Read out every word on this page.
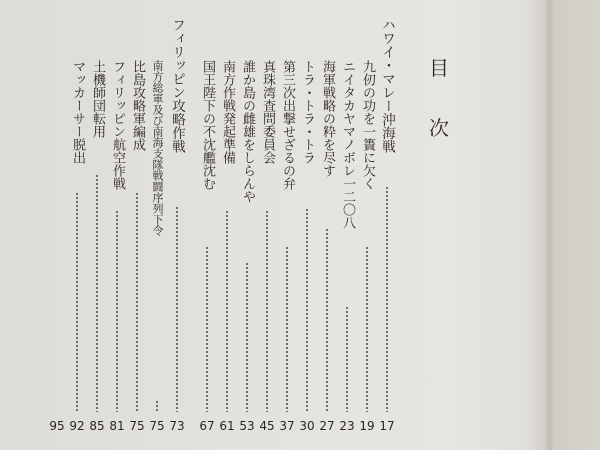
目
次
ハワイ・マレー沖海戦
17
九仞の功を一簣に欠く
19
ニイタカヤマノボレ一二〇八
23
海軍戦略の粋を尽す
27
トラ・トラ・トラ
30
第三次出撃せざるの弁
37
真珠湾査問委員会
45
誰か島の雌雄をしらんや
53
南方作戦発起準備
61
国王陛下の不沈艦沈む
67
フィリッピン攻略作戦
73
南方総軍及び南海支隊戦闘序列下令
75
比島攻略軍編成
75
フィリッピン航空作戦
81
土機師団転用
85
マッカーサー脱出
92
95
